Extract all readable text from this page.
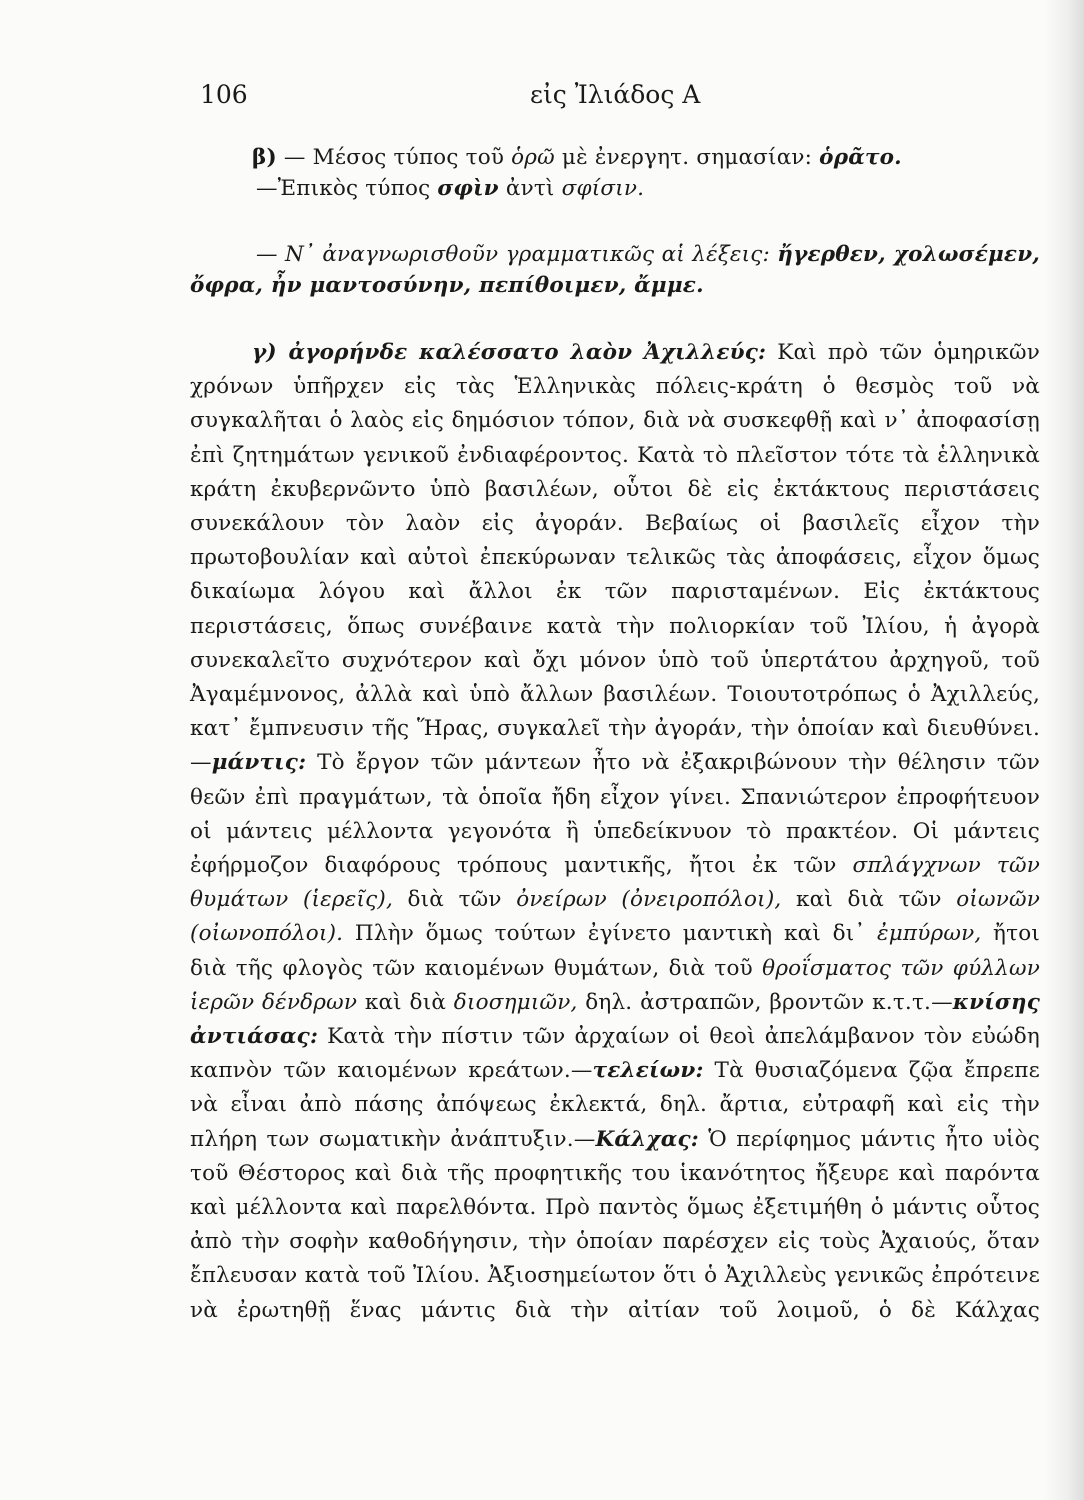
106	εἰς Ἰλιάδος Α

β) — Μέσος τύπος τοῦ ὁρῶ μὲ ἐνεργητ. σημασίαν: ὁρᾶτο.
—Ἐπικὸς τύπος σφὶν ἀντὶ σφίσιν.

— Ν᾿ ἀναγνωρισθοῦν γραμματικῶς αἱ λέξεις: ἤγερθεν, χολωσέμεν, ὄφρα, ἦν μαντοσύνην, πεπίθοιμεν, ἄμμε.

γ) ἀγορήνδε καλέσσατο λαὸν Ἀχιλλεύς: Καὶ πρὸ τῶν ὁμηρικῶν χρόνων ὑπῆρχεν εἰς τὰς Ἑλληνικὰς πόλεις-κράτη ὁ θεσμὸς τοῦ νὰ συγκαλῆται ὁ λαὸς εἰς δημόσιον τόπον, διὰ νὰ συσκεφθῇ καὶ ν᾿ ἀποφασίσῃ ἐπὶ ζητημάτων γενικοῦ ἐνδιαφέροντος. Κατὰ τὸ πλεῖστον τότε τὰ ἑλληνικὰ κράτη ἐκυβερνῶντο ὑπὸ βασιλέων, οὗτοι δὲ εἰς ἐκτάκτους περιστάσεις συνεκάλουν τὸν λαὸν εἰς ἀγοράν. Βεβαίως οἱ βασιλεῖς εἶχον τὴν πρωτοβουλίαν καὶ αὐτοὶ ἐπεκύρωναν τελικῶς τὰς ἀποφάσεις, εἶχον ὅμως δικαίωμα λόγου καὶ ἄλλοι ἐκ τῶν παρισταμένων. Εἰς ἐκτάκτους περιστάσεις, ὅπως συνέβαινε κατὰ τὴν πολιορκίαν τοῦ Ἰλίου, ἡ ἀγορὰ συνεκαλεῖτο συχνότερον καὶ ὄχι μόνον ὑπὸ τοῦ ὑπερτάτου ἀρχηγοῦ, τοῦ Ἀγαμέμνονος, ἀλλὰ καὶ ὑπὸ ἄλλων βασιλέων. Τοιουτοτρόπως ὁ Ἀχιλλεύς, κατ᾿ ἔμπνευσιν τῆς Ἥρας, συγκαλεῖ τὴν ἀγοράν, τὴν ὁποίαν καὶ διευθύνει.—μάντις: Τὸ ἔργον τῶν μάντεων ἦτο νὰ ἐξακριβώνουν τὴν θέλησιν τῶν θεῶν ἐπὶ πραγμάτων, τὰ ὁποῖα ἤδη εἶχον γίνει. Σπανιώτερον ἐπροφήτευον οἱ μάντεις μέλλοντα γεγονότα ἢ ὑπεδείκνυον τὸ πρακτέον. Οἱ μάντεις ἐφήρμοζον διαφόρους τρόπους μαντικῆς, ἤτοι ἐκ τῶν σπλάγχνων τῶν θυμάτων (ἱερεῖς), διὰ τῶν ὀνείρων (ὀνειροπόλοι), καὶ διὰ τῶν οἰωνῶν (οἰωνοπόλοι). Πλὴν ὅμως τούτων ἐγίνετο μαντικὴ καὶ δι᾿ ἐμπύρων, ἤτοι διὰ τῆς φλογὸς τῶν καιομένων θυμάτων, διὰ τοῦ θροΐσματος τῶν φύλλων ἱερῶν δένδρων καὶ διὰ διοσημιῶν, δηλ. ἀστραπῶν, βροντῶν κ.τ.τ.—κνίσης ἀντιάσας: Κατὰ τὴν πίστιν τῶν ἀρχαίων οἱ θεοὶ ἀπελάμβανον τὸν εὐώδη καπνὸν τῶν καιομένων κρεάτων.—τελείων: Τὰ θυσιαζόμενα ζῷα ἔπρεπε νὰ εἶναι ἀπὸ πάσης ἀπόψεως ἐκλεκτά, δηλ. ἄρτια, εὐτραφῆ καὶ εἰς τὴν πλήρη των σωματικὴν ἀνάπτυξιν.—Κάλχας: Ὁ περίφημος μάντις ἦτο υἱὸς τοῦ Θέστορος καὶ διὰ τῆς προφητικῆς του ἱκανότητος ἤξευρε καὶ παρόντα καὶ μέλλοντα καὶ παρελθόντα. Πρὸ παντὸς ὅμως ἐξετιμήθη ὁ μάντις οὗτος ἀπὸ τὴν σοφὴν καθοδήγησιν, τὴν ὁποίαν παρέσχεν εἰς τοὺς Ἀχαιούς, ὅταν ἔπλευσαν κατὰ τοῦ Ἰλίου. Ἀξιοσημείωτον ὅτι ὁ Ἀχιλλεὺς γενικῶς ἐπρότεινε νὰ ἐρωτηθῇ ἕνας μάντις διὰ τὴν αἰτίαν τοῦ λοιμοῦ, ὁ δὲ Κάλχας
